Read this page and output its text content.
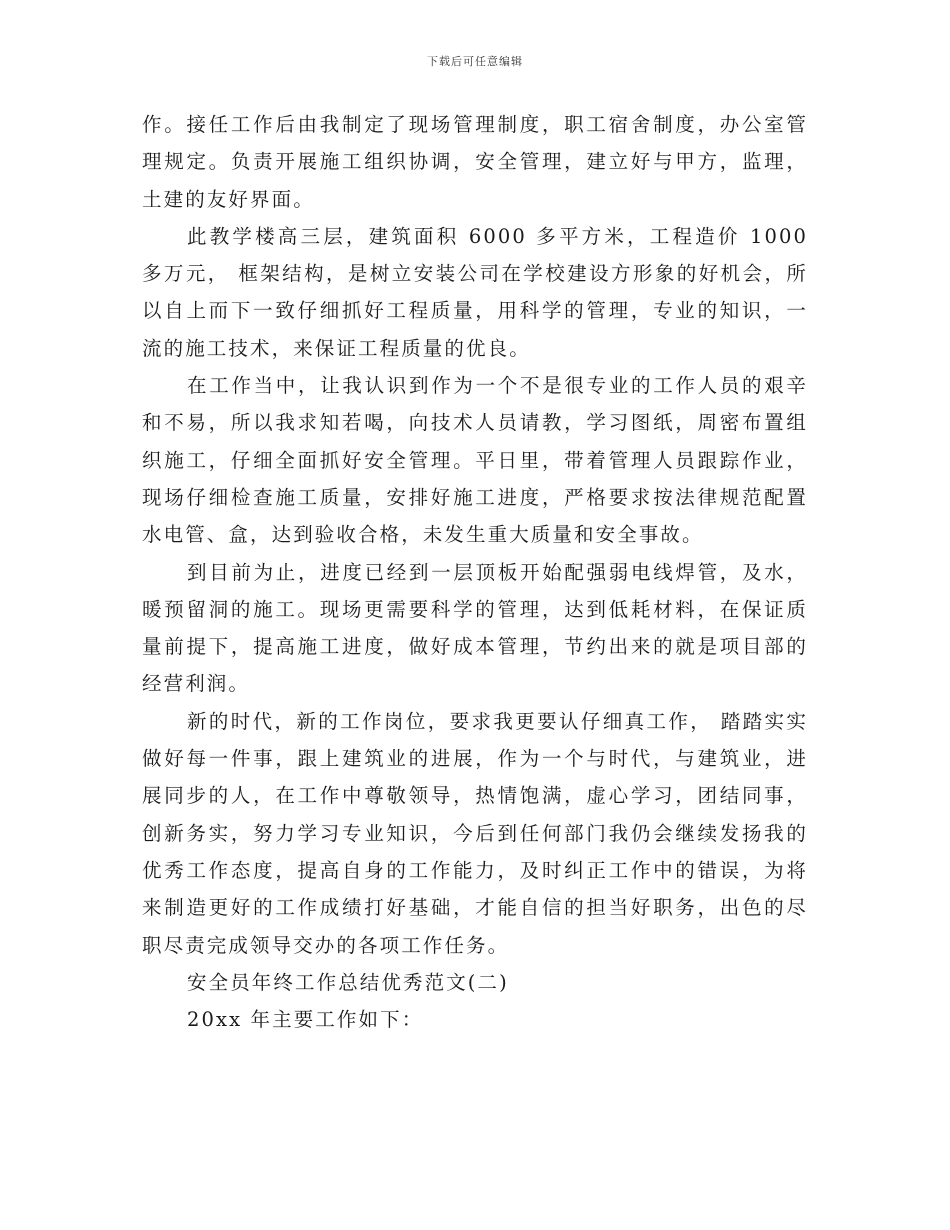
下载后可任意编辑

作。接任工作后由我制定了现场管理制度，职工宿舍制度，办公室管理规定。负责开展施工组织协调，安全管理，建立好与甲方，监理，土建的友好界面。

此教学楼高三层，建筑面积 6000 多平方米，工程造价 1000 多万元， 框架结构，是树立安装公司在学校建设方形象的好机会，所以自上而下一致仔细抓好工程质量，用科学的管理，专业的知识，一流的施工技术，来保证工程质量的优良。

在工作当中，让我认识到作为一个不是很专业的工作人员的艰辛和不易，所以我求知若喝，向技术人员请教，学习图纸，周密布置组织施工，仔细全面抓好安全管理。平日里，带着管理人员跟踪作业，现场仔细检查施工质量，安排好施工进度，严格要求按法律规范配置水电管、盒，达到验收合格，未发生重大质量和安全事故。

到目前为止，进度已经到一层顶板开始配强弱电线焊管，及水，暖预留洞的施工。现场更需要科学的管理，达到低耗材料，在保证质量前提下，提高施工进度，做好成本管理，节约出来的就是项目部的经营利润。

新的时代，新的工作岗位，要求我更要认仔细真工作， 踏踏实实做好每一件事，跟上建筑业的进展，作为一个与时代，与建筑业，进展同步的人，在工作中尊敬领导，热情饱满，虚心学习，团结同事，创新务实，努力学习专业知识，今后到任何部门我仍会继续发扬我的优秀工作态度，提高自身的工作能力，及时纠正工作中的错误，为将来制造更好的工作成绩打好基础，才能自信的担当好职务，出色的尽职尽责完成领导交办的各项工作任务。

安全员年终工作总结优秀范文(二)

20xx 年主要工作如下：
